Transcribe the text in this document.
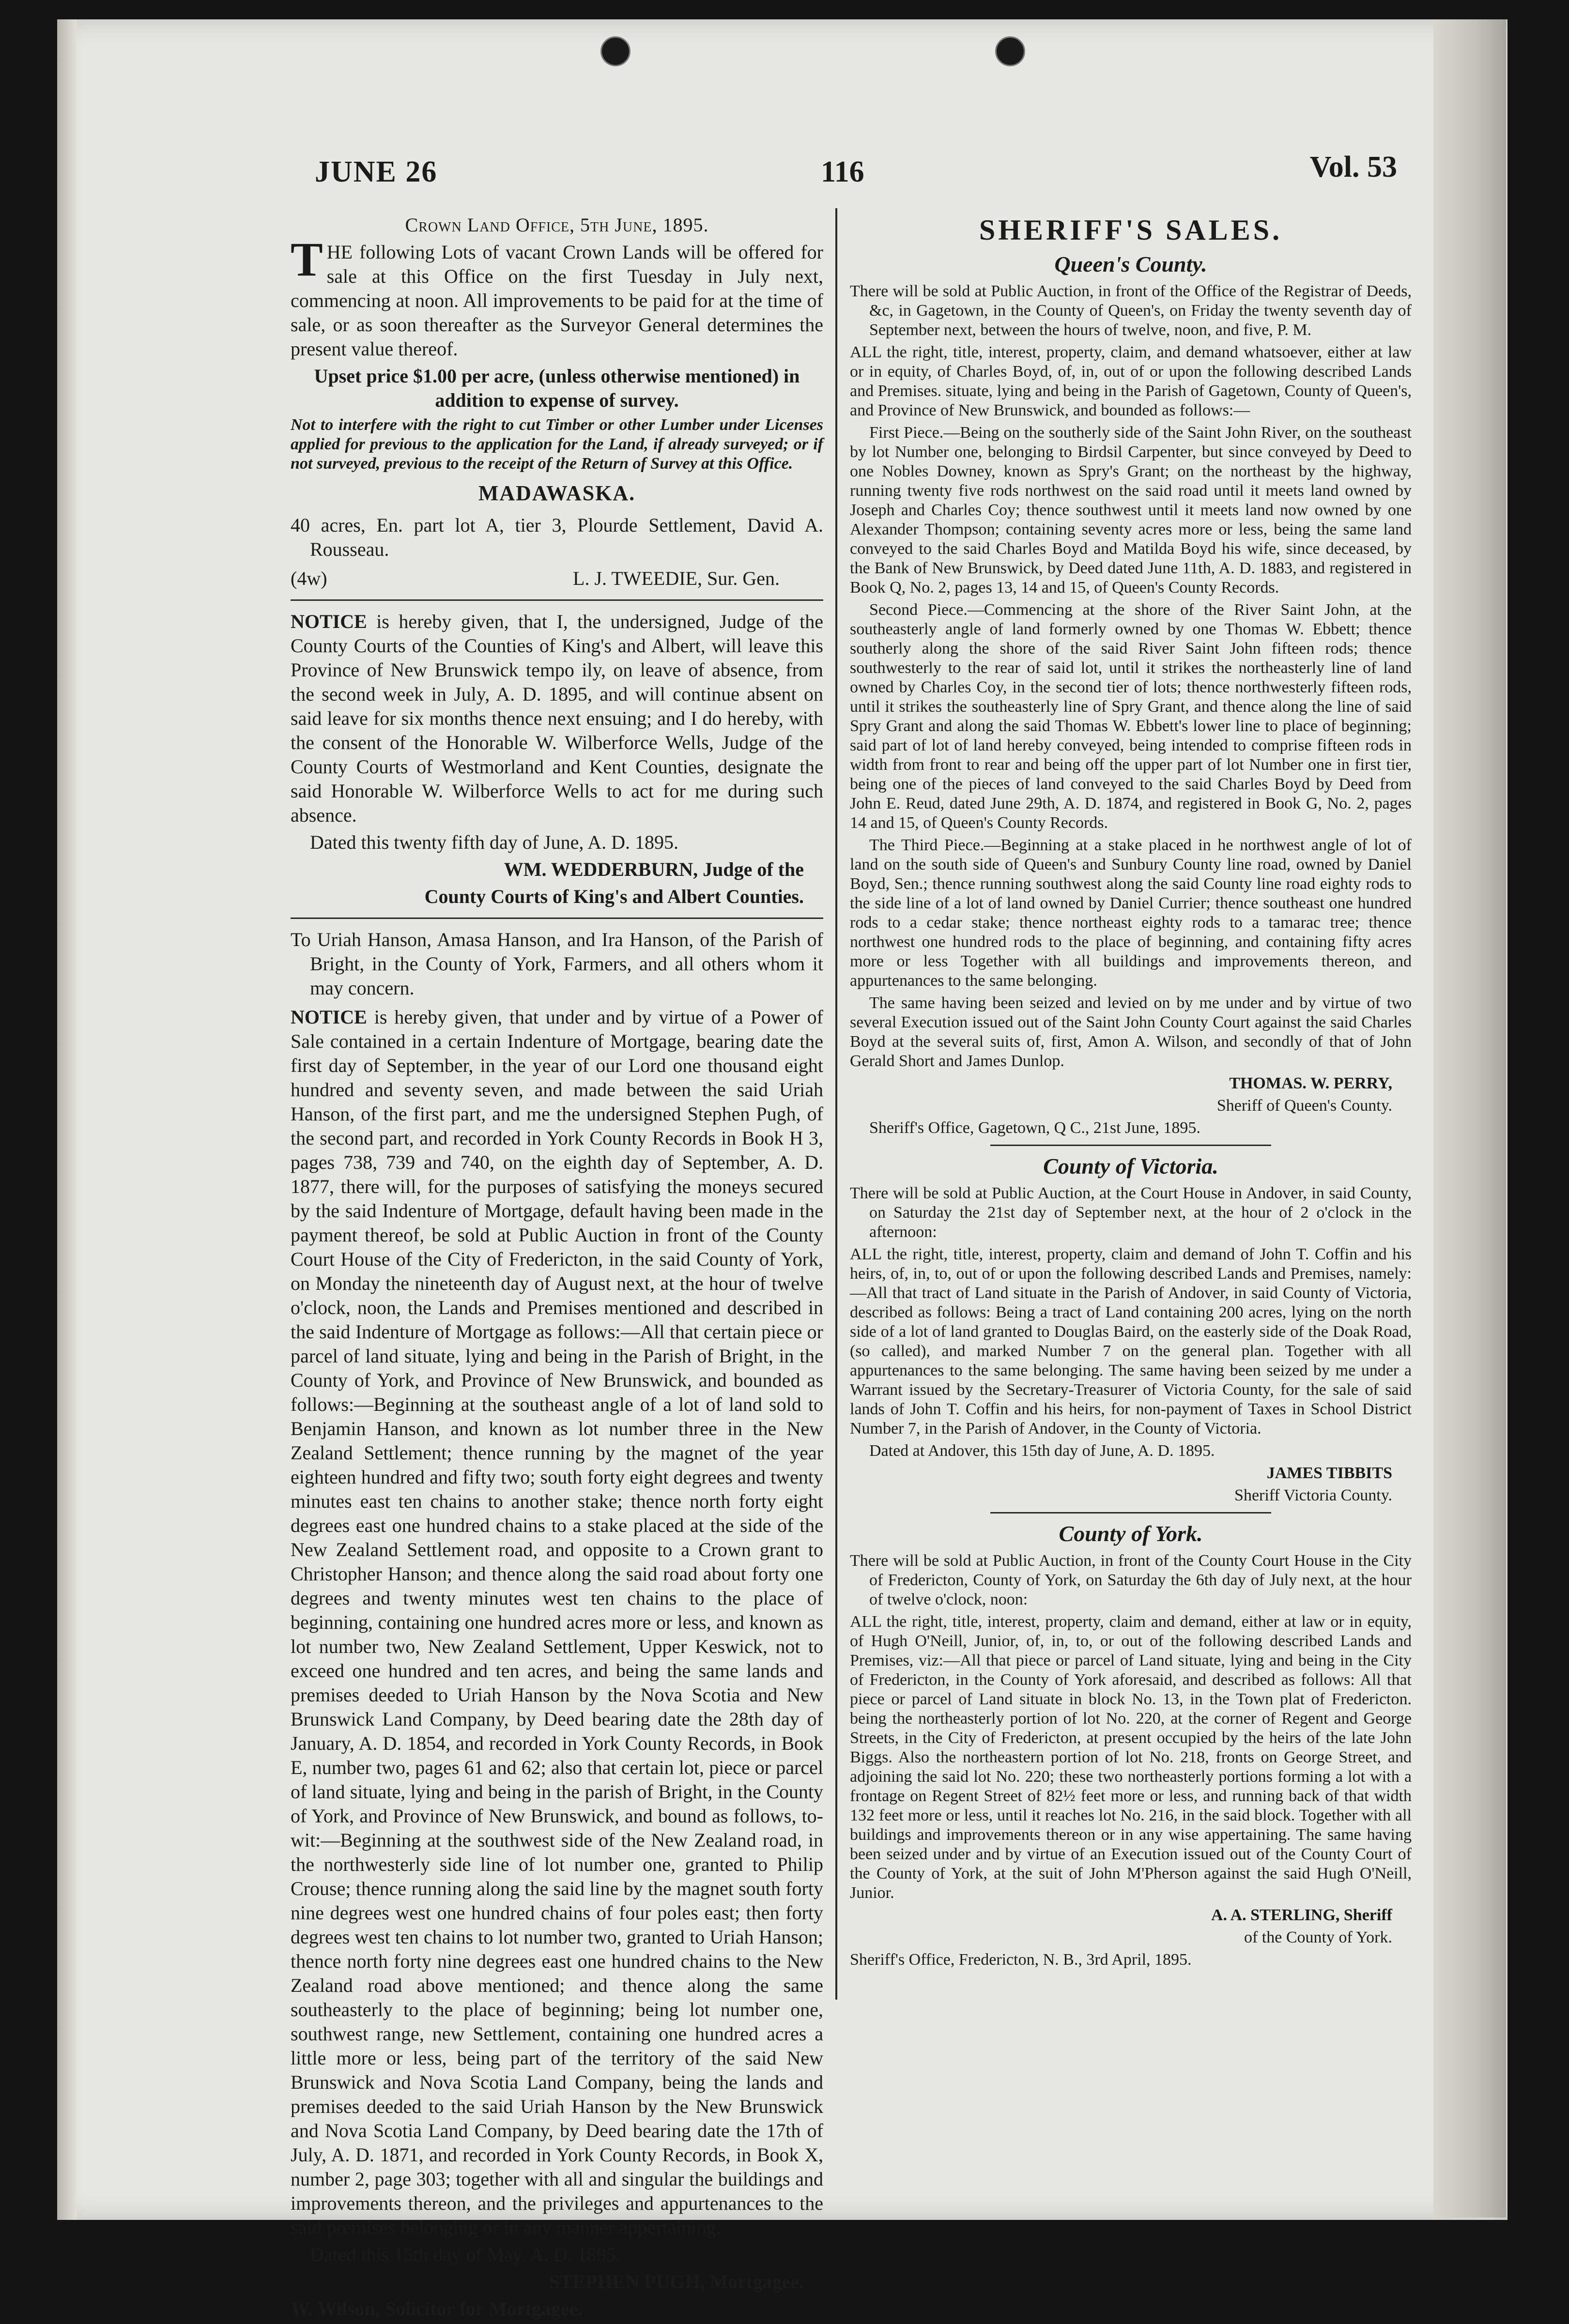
JUNE 26	116	Vol. 53

Crown Land Office, 5th June, 1895.

THE following Lots of vacant Crown Lands will be offered for sale at this Office on the first Tuesday in July next, commencing at noon. All improvements to be paid for at the time of sale, or as soon thereafter as the Surveyor General determines the present value thereof.

Upset price $1.00 per acre, (unless otherwise mentioned) in addition to expense of survey.

Not to interfere with the right to cut Timber or other Lumber under Licenses applied for previous to the application for the Land, if already surveyed; or if not surveyed, previous to the receipt of the Return of Survey at this Office.

MADAWASKA.

40 acres, En. part lot A, tier 3, Plourde Settlement, David A. Rousseau.

(4w)	L. J. TWEEDIE, Sur. Gen.

NOTICE is hereby given, that I, the undersigned, Judge of the County Courts of the Counties of King's and Albert, will leave this Province of New Brunswick tempo ily, on leave of absence, from the second week in July, A. D. 1895, and will continue absent on said leave for six months thence next ensuing; and I do hereby, with the consent of the Honorable W. Wilberforce Wells, Judge of the County Courts of Westmorland and Kent Counties, designate the said Honorable W. Wilberforce Wells to act for me during such absence.

Dated this twenty fifth day of June, A. D. 1895.

WM. WEDDERBURN, Judge of the

County Courts of King's and Albert Counties.

To Uriah Hanson, Amasa Hanson, and Ira Hanson, of the Parish of Bright, in the County of York, Farmers, and all others whom it may concern.

NOTICE is hereby given, that under and by virtue of a Power of Sale contained in a certain Indenture of Mortgage, bearing date the first day of September, in the year of our Lord one thousand eight hundred and seventy seven, and made between the said Uriah Hanson, of the first part, and me the undersigned Stephen Pugh, of the second part, and recorded in York County Records in Book H 3, pages 738, 739 and 740, on the eighth day of September, A. D. 1877, there will, for the purposes of satisfying the moneys secured by the said Indenture of Mortgage, default having been made in the payment thereof, be sold at Public Auction in front of the County Court House of the City of Fredericton, in the said County of York, on Monday the nineteenth day of August next, at the hour of twelve o'clock, noon, the Lands and Premises mentioned and described in the said Indenture of Mortgage as follows:—All that certain piece or parcel of land situate, lying and being in the Parish of Bright, in the County of York, and Province of New Brunswick, and bounded as follows:—Beginning at the southeast angle of a lot of land sold to Benjamin Hanson, and known as lot number three in the New Zealand Settlement; thence running by the magnet of the year eighteen hundred and fifty two; south forty eight degrees and twenty minutes east ten chains to another stake; thence north forty eight degrees east one hundred chains to a stake placed at the side of the New Zealand Settlement road, and opposite to a Crown grant to Christopher Hanson; and thence along the said road about forty one degrees and twenty minutes west ten chains to the place of beginning, containing one hundred acres more or less, and known as lot number two, New Zealand Settlement, Upper Keswick, not to exceed one hundred and ten acres, and being the same lands and premises deeded to Uriah Hanson by the Nova Scotia and New Brunswick Land Company, by Deed bearing date the 28th day of January, A. D. 1854, and recorded in York County Records, in Book E, number two, pages 61 and 62; also that certain lot, piece or parcel of land situate, lying and being in the parish of Bright, in the County of York, and Province of New Brunswick, and bound as follows, to-wit:—Beginning at the southwest side of the New Zealand road, in the northwesterly side line of lot number one, granted to Philip Crouse; thence running along the said line by the magnet south forty nine degrees west one hundred chains of four poles east; then forty degrees west ten chains to lot number two, granted to Uriah Hanson; thence north forty nine degrees east one hundred chains to the New Zealand road above mentioned; and thence along the same southeasterly to the place of beginning; being lot number one, southwest range, new Settlement, containing one hundred acres a little more or less, being part of the territory of the said New Brunswick and Nova Scotia Land Company, being the lands and premises deeded to the said Uriah Hanson by the New Brunswick and Nova Scotia Land Company, by Deed bearing date the 17th of July, A. D. 1871, and recorded in York County Records, in Book X, number 2, page 303; together with all and singular the buildings and improvements thereon, and the privileges and appurtenances to the said premises belonging or in any manner appertaining.

Dated this 15th day of May, A. D. 1895.

STEPHEN PUGH, Mortgagee.

W. Wilson, Solicitor for Mortgagee.

SHERIFF'S SALES.

Queen's County.

There will be sold at Public Auction, in front of the Office of the Registrar of Deeds, &c, in Gagetown, in the County of Queen's, on Friday the twenty seventh day of September next, between the hours of twelve, noon, and five, P. M.

ALL the right, title, interest, property, claim, and demand whatsoever, either at law or in equity, of Charles Boyd, of, in, out of or upon the following described Lands and Premises. situate, lying and being in the Parish of Gagetown, County of Queen's, and Province of New Brunswick, and bounded as follows:—

First Piece.—Being on the southerly side of the Saint John River, on the southeast by lot Number one, belonging to Birdsil Carpenter, but since conveyed by Deed to one Nobles Downey, known as Spry's Grant; on the northeast by the highway, running twenty five rods northwest on the said road until it meets land owned by Joseph and Charles Coy; thence southwest until it meets land now owned by one Alexander Thompson; containing seventy acres more or less, being the same land conveyed to the said Charles Boyd and Matilda Boyd his wife, since deceased, by the Bank of New Brunswick, by Deed dated June 11th, A. D. 1883, and registered in Book Q, No. 2, pages 13, 14 and 15, of Queen's County Records.

Second Piece.—Commencing at the shore of the River Saint John, at the southeasterly angle of land formerly owned by one Thomas W. Ebbett; thence southerly along the shore of the said River Saint John fifteen rods; thence southwesterly to the rear of said lot, until it strikes the northeasterly line of land owned by Charles Coy, in the second tier of lots; thence northwesterly fifteen rods, until it strikes the southeasterly line of Spry Grant, and thence along the line of said Spry Grant and along the said Thomas W. Ebbett's lower line to place of beginning; said part of lot of land hereby conveyed, being intended to comprise fifteen rods in width from front to rear and being off the upper part of lot Number one in first tier, being one of the pieces of land conveyed to the said Charles Boyd by Deed from John E. Reud, dated June 29th, A. D. 1874, and registered in Book G, No. 2, pages 14 and 15, of Queen's County Records.

The Third Piece.—Beginning at a stake placed in he northwest angle of lot of land on the south side of Queen's and Sunbury County line road, owned by Daniel Boyd, Sen.; thence running southwest along the said County line road eighty rods to the side line of a lot of land owned by Daniel Currier; thence southeast one hundred rods to a cedar stake; thence northeast eighty rods to a tamarac tree; thence northwest one hundred rods to the place of beginning, and containing fifty acres more or less Together with all buildings and improvements thereon, and appurtenances to the same belonging.

The same having been seized and levied on by me under and by virtue of two several Execution issued out of the Saint John County Court against the said Charles Boyd at the several suits of, first, Amon A. Wilson, and secondly of that of John Gerald Short and James Dunlop.

THOMAS. W. PERRY,

Sheriff of Queen's County.

Sheriff's Office, Gagetown, Q C., 21st June, 1895.

County of Victoria.

There will be sold at Public Auction, at the Court House in Andover, in said County, on Saturday the 21st day of September next, at the hour of 2 o'clock in the afternoon:

ALL the right, title, interest, property, claim and demand of John T. Coffin and his heirs, of, in, to, out of or upon the following described Lands and Premises, namely:—All that tract of Land situate in the Parish of Andover, in said County of Victoria, described as follows: Being a tract of Land containing 200 acres, lying on the north side of a lot of land granted to Douglas Baird, on the easterly side of the Doak Road, (so called), and marked Number 7 on the general plan. Together with all appurtenances to the same belonging. The same having been seized by me under a Warrant issued by the Secretary-Treasurer of Victoria County, for the sale of said lands of John T. Coffin and his heirs, for non-payment of Taxes in School District Number 7, in the Parish of Andover, in the County of Victoria.

Dated at Andover, this 15th day of June, A. D. 1895.

JAMES TIBBITS

Sheriff Victoria County.

County of York.

There will be sold at Public Auction, in front of the County Court House in the City of Fredericton, County of York, on Saturday the 6th day of July next, at the hour of twelve o'clock, noon:

ALL the right, title, interest, property, claim and demand, either at law or in equity, of Hugh O'Neill, Junior, of, in, to, or out of the following described Lands and Premises, viz:—All that piece or parcel of Land situate, lying and being in the City of Fredericton, in the County of York aforesaid, and described as follows: All that piece or parcel of Land situate in block No. 13, in the Town plat of Fredericton. being the northeasterly portion of lot No. 220, at the corner of Regent and George Streets, in the City of Fredericton, at present occupied by the heirs of the late John Biggs. Also the northeastern portion of lot No. 218, fronts on George Street, and adjoining the said lot No. 220; these two northeasterly portions forming a lot with a frontage on Regent Street of 82½ feet more or less, and running back of that width 132 feet more or less, until it reaches lot No. 216, in the said block. Together with all buildings and improvements thereon or in any wise appertaining. The same having been seized under and by virtue of an Execution issued out of the County Court of the County of York, at the suit of John M'Pherson against the said Hugh O'Neill, Junior.

A. A. STERLING, Sheriff

of the County of York.

Sheriff's Office, Fredericton, N. B., 3rd April, 1895.
